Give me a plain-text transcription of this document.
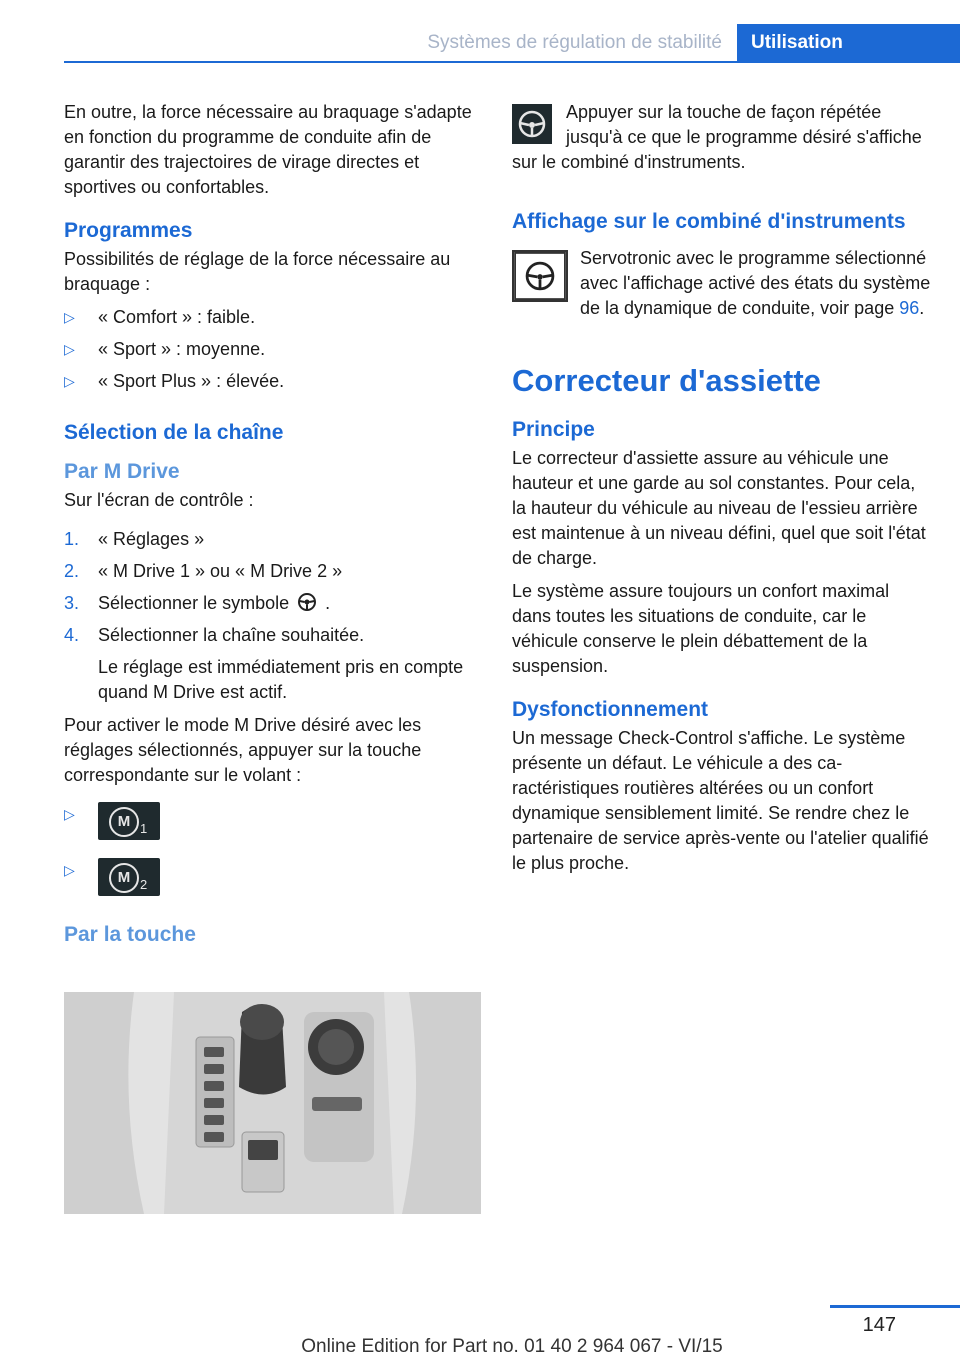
Systèmes de régulation de stabilité	Utilisation

En outre, la force nécessaire au braquage s'adapte en fonction du programme de conduite afin de garantir des trajectoires de virage directes et sportives ou confortables.

Programmes

Possibilités de réglage de la force nécessaire au braquage :

▷ « Comfort » : faible.
▷ « Sport » : moyenne.
▷ « Sport Plus » : élevée.
Sélection de la chaîne
Par M Drive

Sur l'écran de contrôle :

1. « Réglages »
2. « M Drive 1 » ou « M Drive 2 »
3. Sélectionner le symbole .
4. Sélectionner la chaîne souhaitée.
Le réglage est immédiatement pris en compte quand M Drive est actif.

Pour activer le mode M Drive désiré avec les réglages sélectionnés, appuyer sur la touche correspondante sur le volant :

▷	M 1
▷	M 2
Par la touche

Appuyer sur la touche de façon répétée jusqu'à ce que le programme désiré s'affiche sur le combiné d'instruments.

Affichage sur le combiné d'instruments

Servotronic avec le programme sélectionné avec l'affichage activé des états du système de la dynamique de conduite, voir page 96.

Correcteur d'assiette
Principe

Le correcteur d'assiette assure au véhicule une hauteur et une garde au sol constantes. Pour cela, la hauteur du véhicule au niveau de l'essieu arrière est maintenue à un niveau défini, quel que soit l'état de charge.

Le système assure toujours un confort maximal dans toutes les situations de conduite, car le véhicule conserve le plein débattement de la suspension.

Dysfonctionnement

Un message Check-Control s'affiche. Le système présente un défaut. Le véhicule a des caractéristiques routières altérées ou un confort dynamique sensiblement limité. Se rendre chez le partenaire de service après-vente ou l'atelier qualifié le plus proche.

147
Online Edition for Part no. 01 40 2 964 067 - VI/15
